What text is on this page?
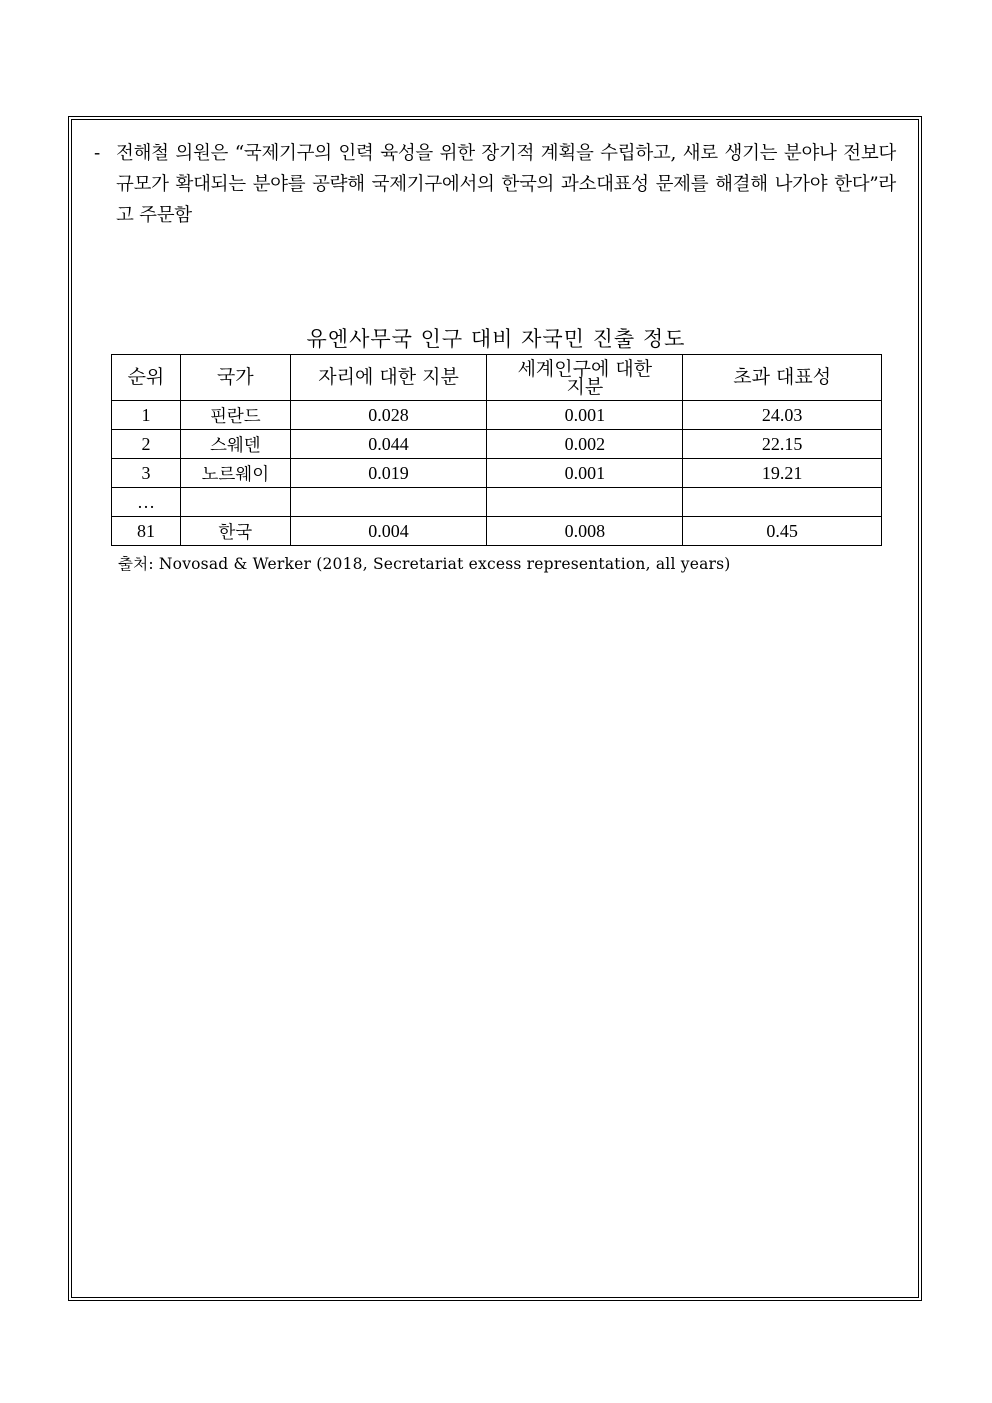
- 전해철 의원은 “국제기구의 인력 육성을 위한 장기적 계획을 수립하고, 새로 생기는 분야나 전보다 규모가 확대되는 분야를 공략해 국제기구에서의 한국의 과소대표성 문제를 해결해 나가야 한다”라고 주문함
유엔사무국 인구 대비 자국민 진출 정도
순위	국가	자리에 대한 지분	세계인구에 대한 지분	초과 대표성
1	핀란드	0.028	0.001	24.03
2	스웨덴	0.044	0.002	22.15
3	노르웨이	0.019	0.001	19.21
…				
81	한국	0.004	0.008	0.45
출처: Novosad & Werker (2018, Secretariat excess representation, all years)
